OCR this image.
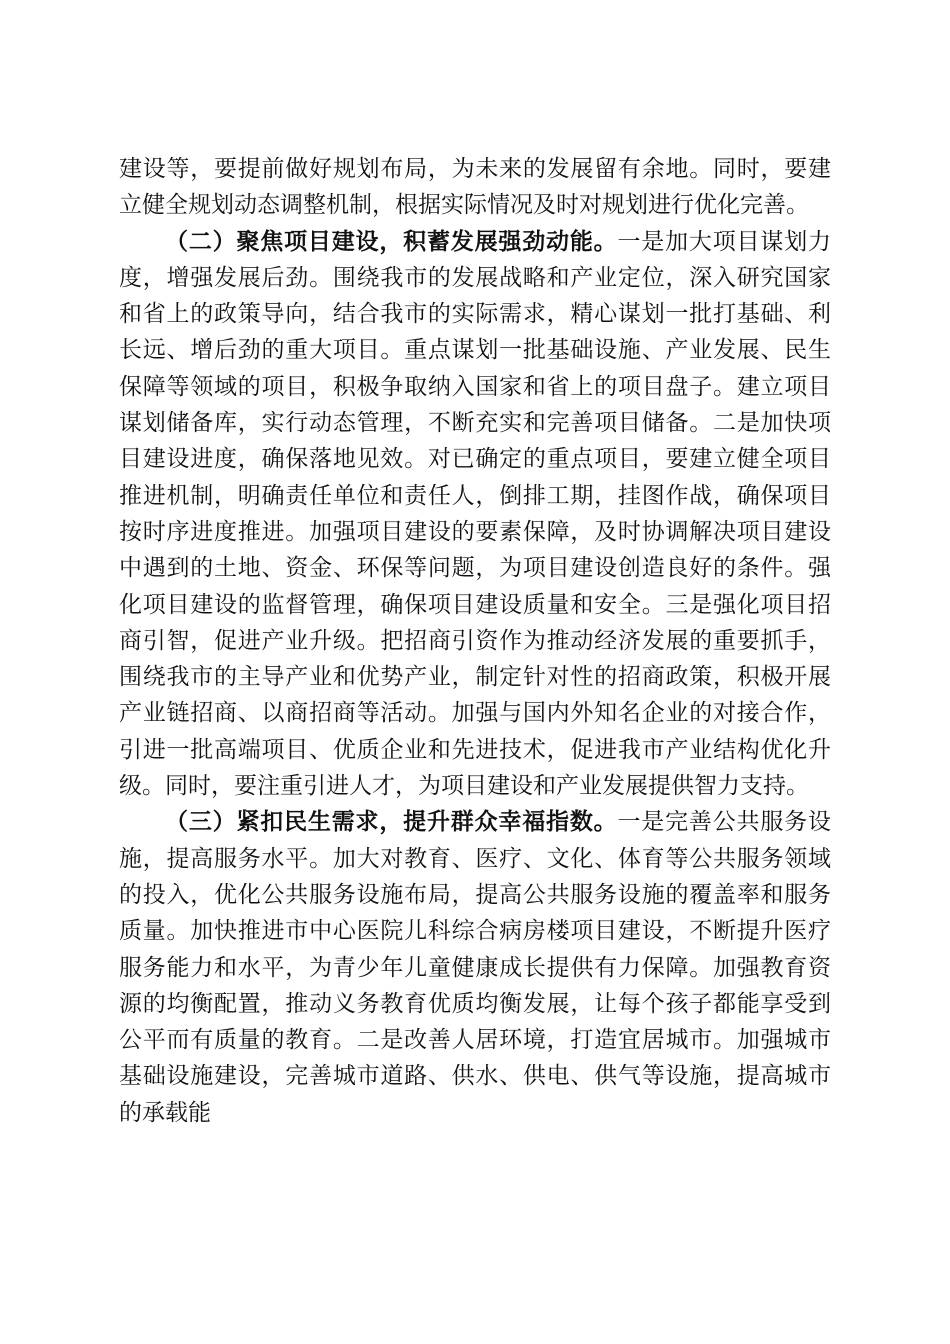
建设等，要提前做好规划布局，为未来的发展留有余地。同时，要建立健全规划动态调整机制，根据实际情况及时对规划进行优化完善。

（二）聚焦项目建设，积蓄发展强劲动能。一是加大项目谋划力度，增强发展后劲。围绕我市的发展战略和产业定位，深入研究国家和省上的政策导向，结合我市的实际需求，精心谋划一批打基础、利长远、增后劲的重大项目。重点谋划一批基础设施、产业发展、民生保障等领域的项目，积极争取纳入国家和省上的项目盘子。建立项目谋划储备库，实行动态管理，不断充实和完善项目储备。二是加快项目建设进度，确保落地见效。对已确定的重点项目，要建立健全项目推进机制，明确责任单位和责任人，倒排工期，挂图作战，确保项目按时序进度推进。加强项目建设的要素保障，及时协调解决项目建设中遇到的土地、资金、环保等问题，为项目建设创造良好的条件。强化项目建设的监督管理，确保项目建设质量和安全。三是强化项目招商引智，促进产业升级。把招商引资作为推动经济发展的重要抓手，围绕我市的主导产业和优势产业，制定针对性的招商政策，积极开展产业链招商、以商招商等活动。加强与国内外知名企业的对接合作，引进一批高端项目、优质企业和先进技术，促进我市产业结构优化升级。同时，要注重引进人才，为项目建设和产业发展提供智力支持。

（三）紧扣民生需求，提升群众幸福指数。一是完善公共服务设施，提高服务水平。加大对教育、医疗、文化、体育等公共服务领域的投入，优化公共服务设施布局，提高公共服务设施的覆盖率和服务质量。加快推进市中心医院儿科综合病房楼项目建设，不断提升医疗服务能力和水平，为青少年儿童健康成长提供有力保障。加强教育资源的均衡配置，推动义务教育优质均衡发展，让每个孩子都能享受到公平而有质量的教育。二是改善人居环境，打造宜居城市。加强城市基础设施建设，完善城市道路、供水、供电、供气等设施，提高城市的承载能
